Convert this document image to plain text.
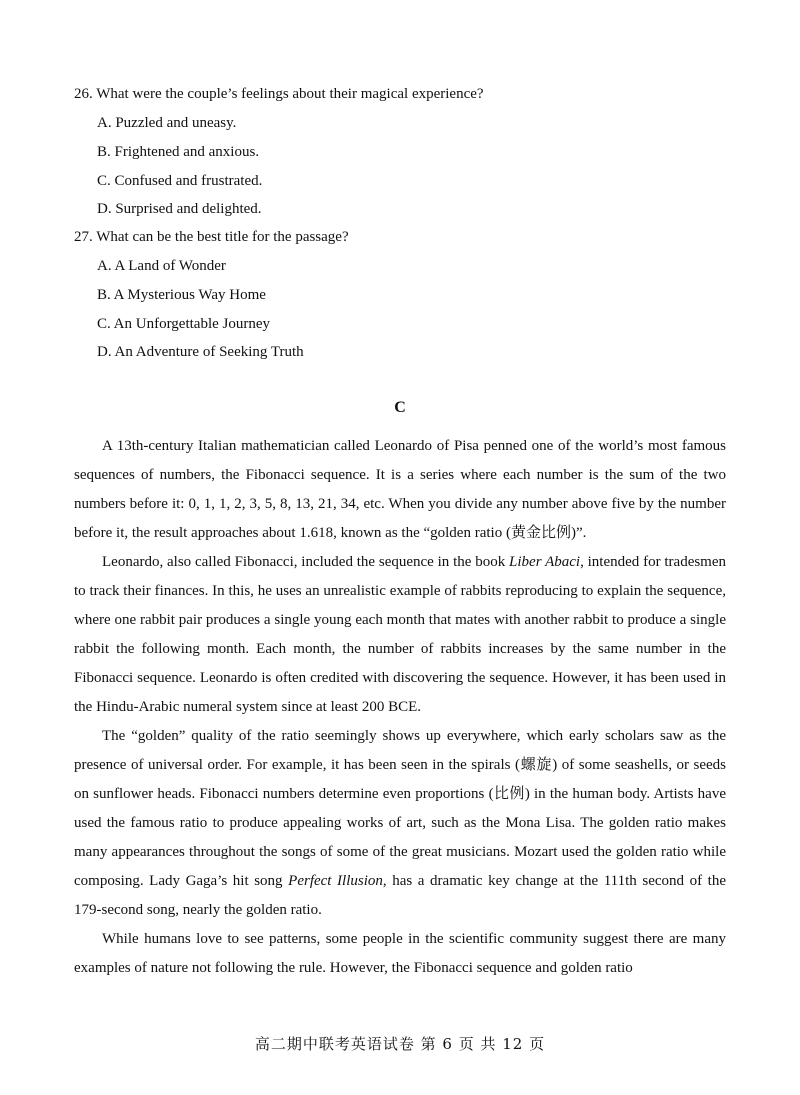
26. What were the couple’s feelings about their magical experience?
A. Puzzled and uneasy.
B. Frightened and anxious.
C. Confused and frustrated.
D. Surprised and delighted.
27. What can be the best title for the passage?
A. A Land of Wonder
B. A Mysterious Way Home
C. An Unforgettable Journey
D. An Adventure of Seeking Truth
C

A 13th-century Italian mathematician called Leonardo of Pisa penned one of the world’s most famous sequences of numbers, the Fibonacci sequence. It is a series where each number is the sum of the two numbers before it: 0, 1, 1, 2, 3, 5, 8, 13, 21, 34, etc. When you divide any number above five by the number before it, the result approaches about 1.618, known as the “golden ratio (黄金比例)”.

Leonardo, also called Fibonacci, included the sequence in the book Liber Abaci, intended for tradesmen to track their finances. In this, he uses an unrealistic example of rabbits reproducing to explain the sequence, where one rabbit pair produces a single young each month that mates with another rabbit to produce a single rabbit the following month. Each month, the number of rabbits increases by the same number in the Fibonacci sequence. Leonardo is often credited with discovering the sequence. However, it has been used in the Hindu-Arabic numeral system since at least 200 BCE.

The “golden” quality of the ratio seemingly shows up everywhere, which early scholars saw as the presence of universal order. For example, it has been seen in the spirals (螺旋) of some seashells, or seeds on sunflower heads. Fibonacci numbers determine even proportions (比例) in the human body. Artists have used the famous ratio to produce appealing works of art, such as the Mona Lisa. The golden ratio makes many appearances throughout the songs of some of the great musicians. Mozart used the golden ratio while composing. Lady Gaga’s hit song Perfect Illusion, has a dramatic key change at the 111th second of the 179-second song, nearly the golden ratio.

While humans love to see patterns, some people in the scientific community suggest there are many examples of nature not following the rule. However, the Fibonacci sequence and golden ratio

高二期中联考英语试卷 第 6 页 共 12 页
